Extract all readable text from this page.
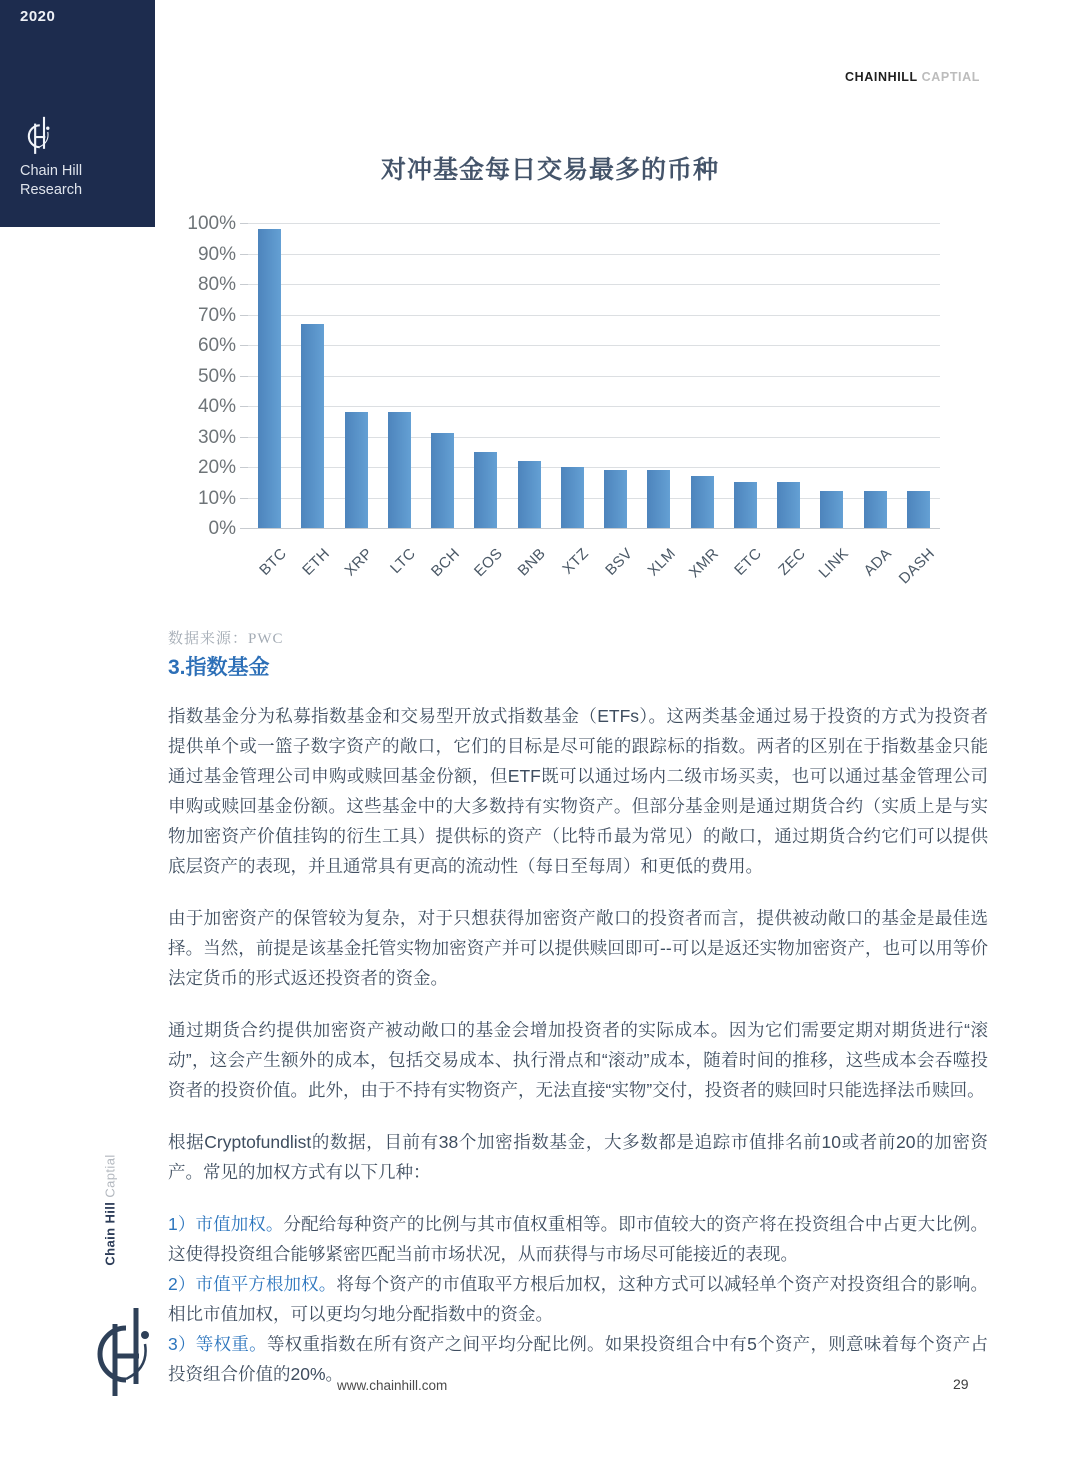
2020
Chain Hill
Research
CHAINHILL CAPTIAL
对冲基金每日交易最多的币种
0%
10%
20%
30%
40%
50%
60%
70%
80%
90%
100%
BTC ETH XRP LTC BCH EOS BNB XTZ BSV XLM XMR ETC ZEC LINK ADA DASH
数据来源：PWC
3.指数基金

指数基金分为私募指数基金和交易型开放式指数基金（ETFs）。这两类基金通过易于投资的方式为投资者提供单个或一篮子数字资产的敞口，它们的目标是尽可能的跟踪标的指数。两者的区别在于指数基金只能通过基金管理公司申购或赎回基金份额，但ETF既可以通过场内二级市场买卖，也可以通过基金管理公司申购或赎回基金份额。这些基金中的大多数持有实物资产。但部分基金则是通过期货合约（实质上是与实物加密资产价值挂钩的衍生工具）提供标的资产（比特币最为常见）的敞口，通过期货合约它们可以提供底层资产的表现，并且通常具有更高的流动性（每日至每周）和更低的费用。

由于加密资产的保管较为复杂，对于只想获得加密资产敞口的投资者而言，提供被动敞口的基金是最佳选择。当然，前提是该基金托管实物加密资产并可以提供赎回即可--可以是返还实物加密资产，也可以用等价法定货币的形式返还投资者的资金。

通过期货合约提供加密资产被动敞口的基金会增加投资者的实际成本。因为它们需要定期对期货进行“滚动”，这会产生额外的成本，包括交易成本、执行滑点和“滚动”成本，随着时间的推移，这些成本会吞噬投资者的投资价值。此外，由于不持有实物资产，无法直接“实物”交付，投资者的赎回时只能选择法币赎回。

根据Cryptofundlist的数据，目前有38个加密指数基金，大多数都是追踪市值排名前10或者前20的加密资产。常见的加权方式有以下几种：

1）市值加权。分配给每种资产的比例与其市值权重相等。即市值较大的资产将在投资组合中占更大比例。这使得投资组合能够紧密匹配当前市场状况，从而获得与市场尽可能接近的表现。
2）市值平方根加权。将每个资产的市值取平方根后加权，这种方式可以减轻单个资产对投资组合的影响。相比市值加权，可以更均匀地分配指数中的资金。
3）等权重。等权重指数在所有资产之间平均分配比例。如果投资组合中有5个资产，则意味着每个资产占投资组合价值的20%。
Chain Hill Captial
www.chainhill.com	29
